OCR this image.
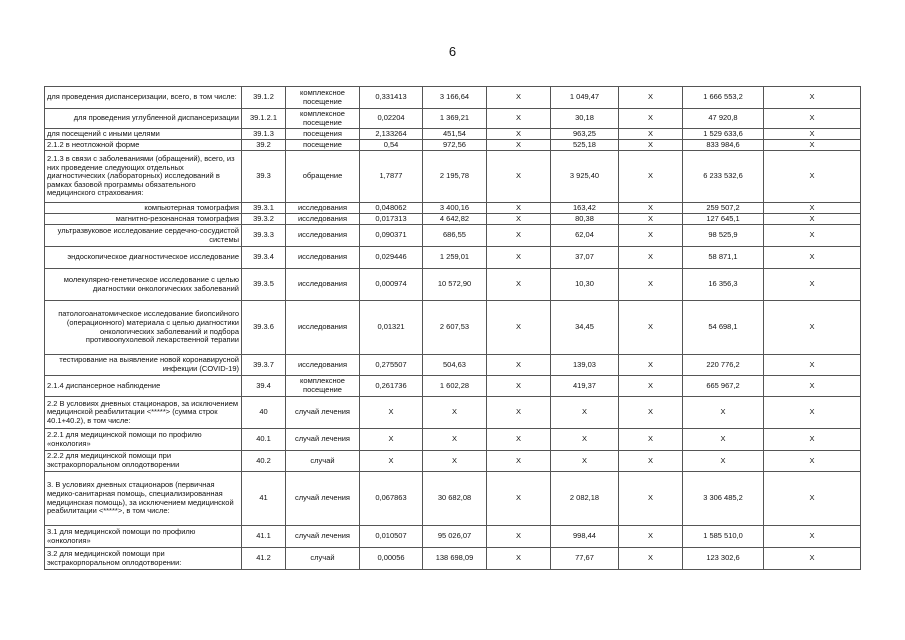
6
для проведения диспансеризации, всего, в том числе:	39.1.2	комплексное посещение	0,331413	3 166,64	X	1 049,47	X	1 666 553,2	X
для проведения углубленной диспансеризации	39.1.2.1	комплексное посещение	0,02204	1 369,21	X	30,18	X	47 920,8	X
для посещений с иными целями	39.1.3	посещения	2,133264	451,54	X	963,25	X	1 529 633,6	X
2.1.2 в неотложной форме	39.2	посещение	0,54	972,56	X	525,18	X	833 984,6	X
2.1.3 в связи с заболеваниями (обращений), всего, из них проведение следующих отдельных диагностических (лабораторных) исследований в рамках базовой программы обязательного медицинского страхования:	39.3	обращение	1,7877	2 195,78	X	3 925,40	X	6 233 532,6	X
компьютерная томография	39.3.1	исследования	0,048062	3 400,16	X	163,42	X	259 507,2	X
магнитно-резонансная томография	39.3.2	исследования	0,017313	4 642,82	X	80,38	X	127 645,1	X
ультразвуковое исследование сердечно-сосудистой системы	39.3.3	исследования	0,090371	686,55	X	62,04	X	98 525,9	X
эндоскопическое диагностическое исследование	39.3.4	исследования	0,029446	1 259,01	X	37,07	X	58 871,1	X
молекулярно-генетическое исследование с целью диагностики онкологических заболеваний	39.3.5	исследования	0,000974	10 572,90	X	10,30	X	16 356,3	X
патологоанатомическое исследование биопсийного (операционного) материала с целью диагностики онкологических заболеваний и подбора противоопухолевой лекарственной терапии	39.3.6	исследования	0,01321	2 607,53	X	34,45	X	54 698,1	X
тестирование на выявление новой коронавирусной инфекции (COVID-19)	39.3.7	исследования	0,275507	504,63	X	139,03	X	220 776,2	X
2.1.4 диспансерное наблюдение	39.4	комплексное посещение	0,261736	1 602,28	X	419,37	X	665 967,2	X
2.2 В условиях дневных стационаров, за исключением медицинской реабилитации <*****> (сумма строк 40.1+40.2), в том числе:	40	случай лечения	X	X	X	X	X	X	X
2.2.1 для медицинской помощи по профилю «онкология»	40.1	случай лечения	X	X	X	X	X	X	X
2.2.2 для медицинской помощи при экстракорпоральном оплодотворении	40.2	случай	X	X	X	X	X	X	X
3. В условиях дневных стационаров (первичная медико-санитарная помощь, специализированная медицинская помощь), за исключением медицинской реабилитации <*****>, в том числе:	41	случай лечения	0,067863	30 682,08	X	2 082,18	X	3 306 485,2	X
3.1 для медицинской помощи по профилю «онкология»	41.1	случай лечения	0,010507	95 026,07	X	998,44	X	1 585 510,0	X
3.2 для медицинской помощи при экстракорпоральном оплодотворении:	41.2	случай	0,00056	138 698,09	X	77,67	X	123 302,6	X
